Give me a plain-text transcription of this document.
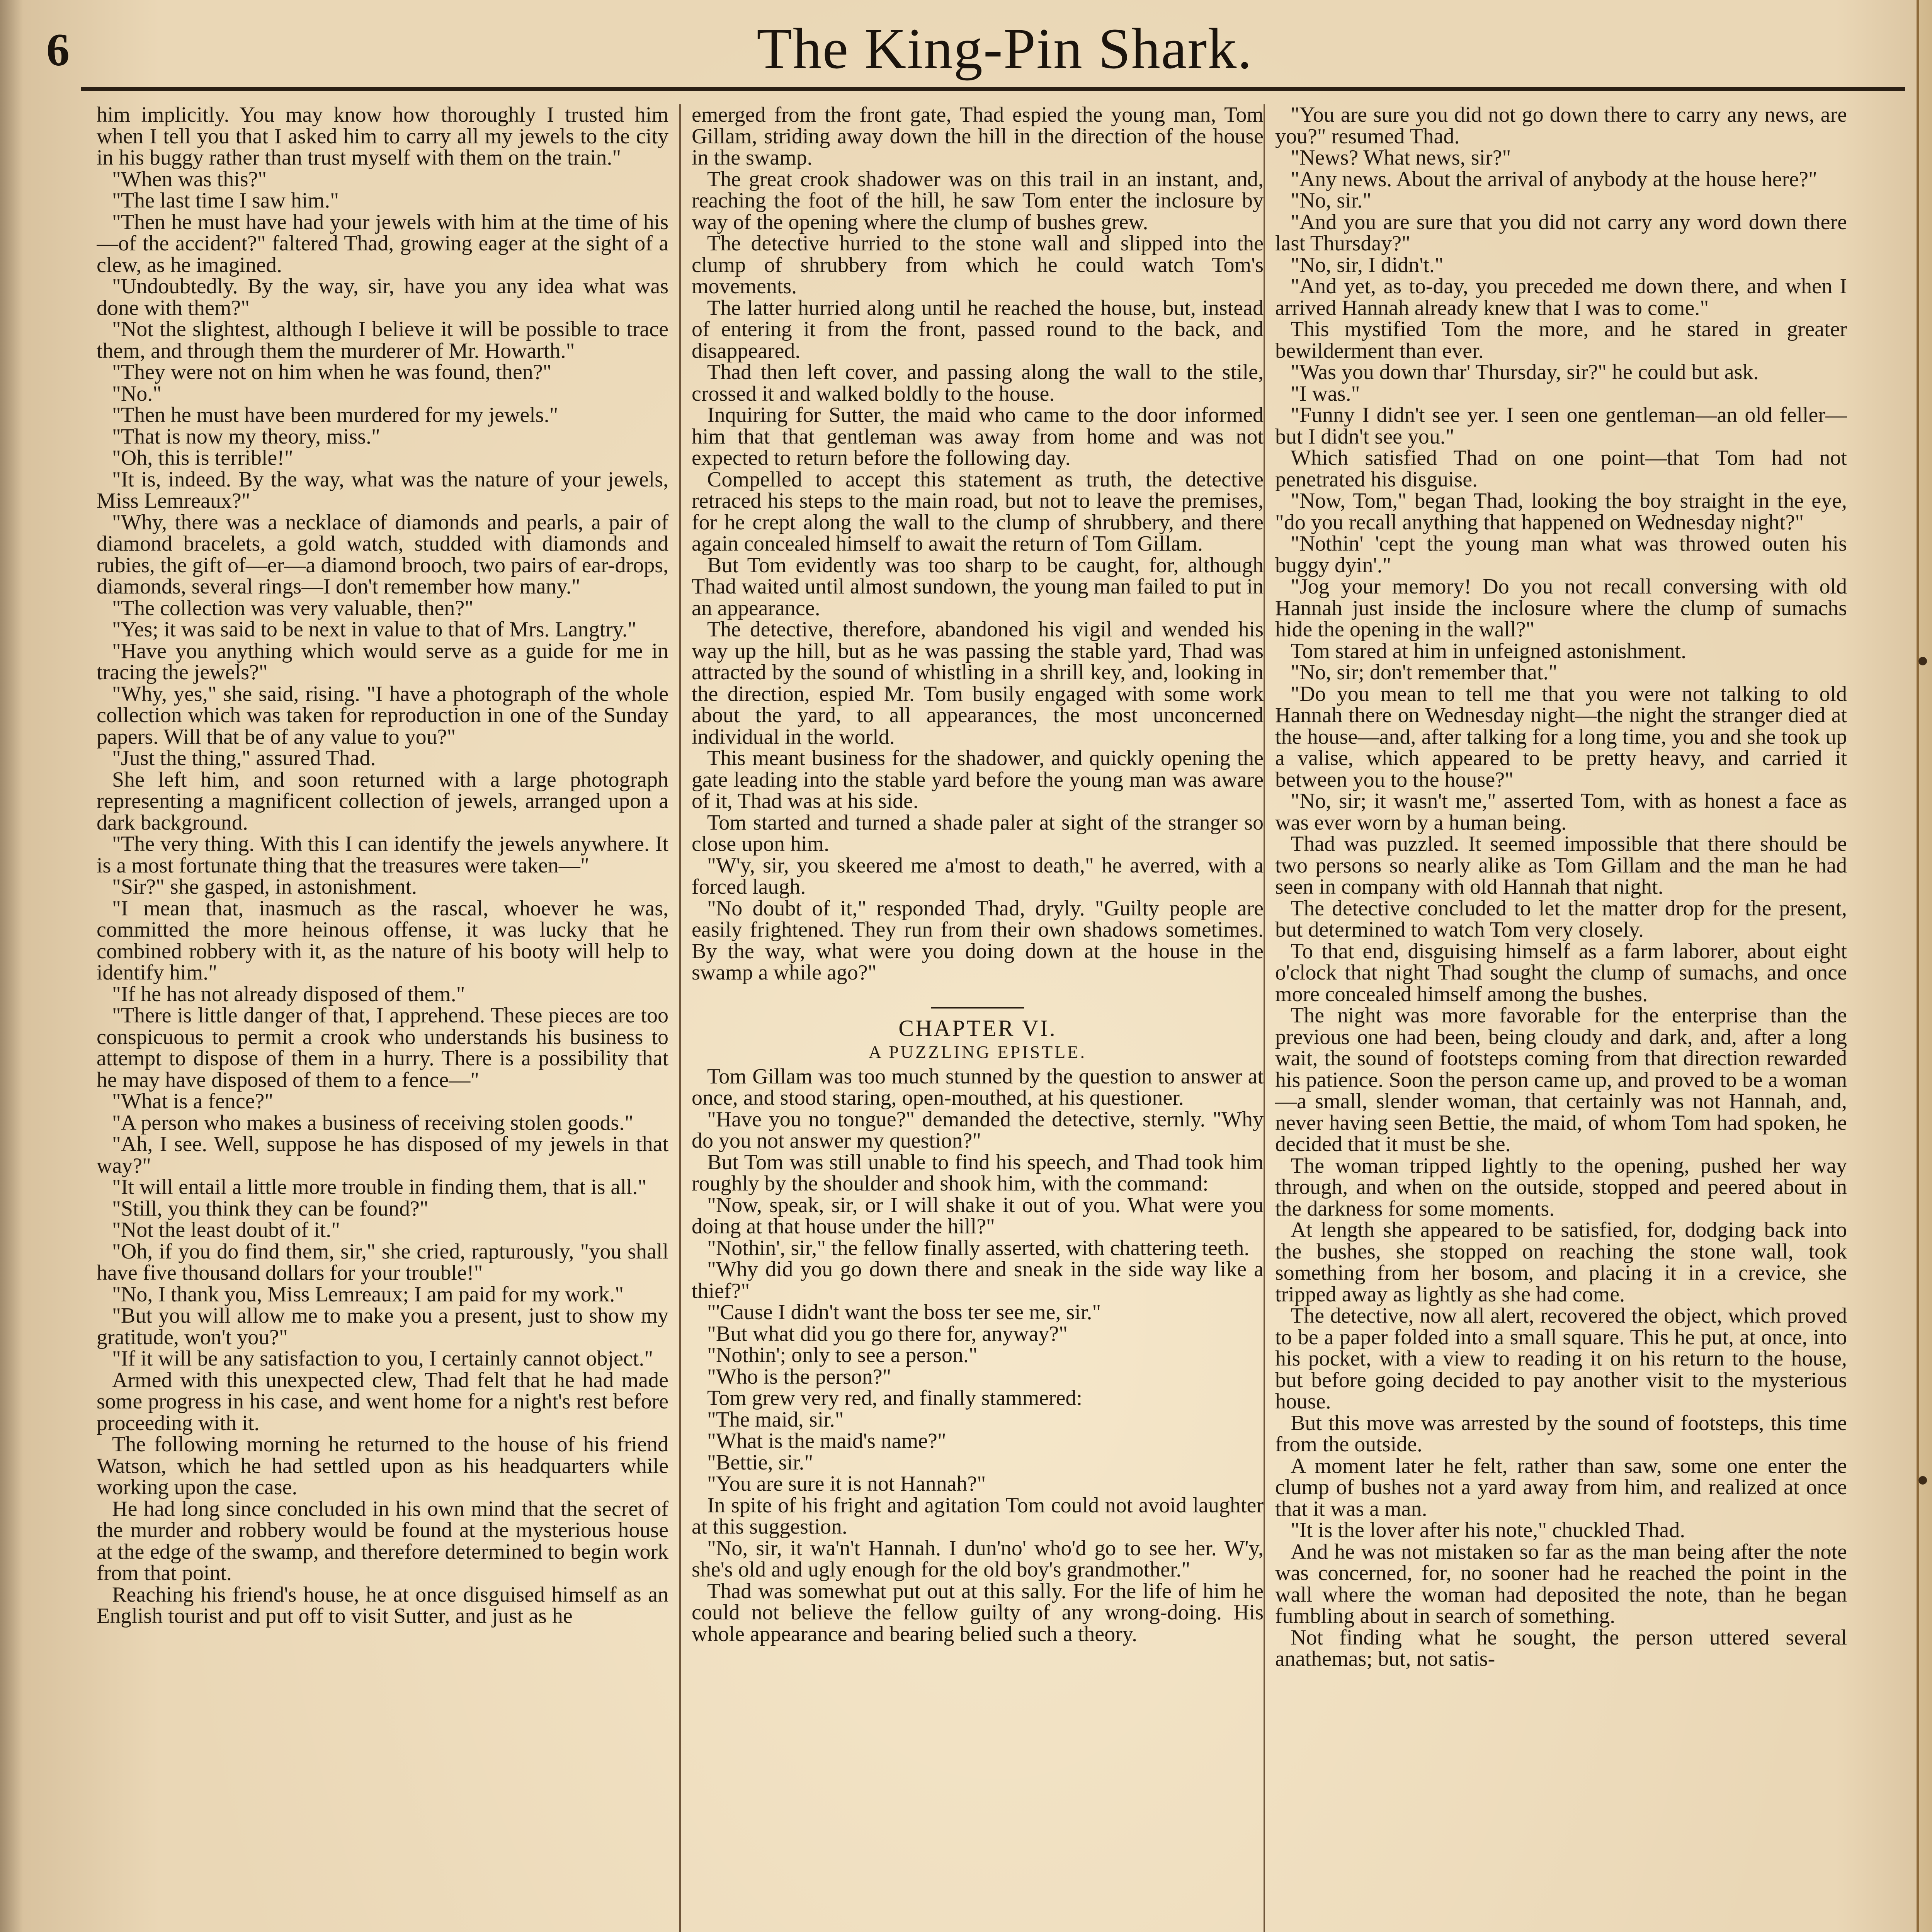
6	The King-Pin Shark.

him implicitly. You may know how thoroughly I trusted him when I tell you that I asked him to carry all my jewels to the city in his buggy rather than trust myself with them on the train."

"When was this?"

"The last time I saw him."

"Then he must have had your jewels with him at the time of his—of the accident?" faltered Thad, growing eager at the sight of a clew, as he imagined.

"Undoubtedly. By the way, sir, have you any idea what was done with them?"

"Not the slightest, although I believe it will be possible to trace them, and through them the murderer of Mr. Howarth."

"They were not on him when he was found, then?"

"No."

"Then he must have been murdered for my jewels."

"That is now my theory, miss."

"Oh, this is terrible!"

"It is, indeed. By the way, what was the nature of your jewels, Miss Lemreaux?"

"Why, there was a necklace of diamonds and pearls, a pair of diamond bracelets, a gold watch, studded with diamonds and rubies, the gift of—er—a diamond brooch, two pairs of ear-drops, diamonds, several rings—I don't remember how many."

"The collection was very valuable, then?"

"Yes; it was said to be next in value to that of Mrs. Langtry."

"Have you anything which would serve as a guide for me in tracing the jewels?"

"Why, yes," she said, rising. "I have a photograph of the whole collection which was taken for reproduction in one of the Sunday papers. Will that be of any value to you?"

"Just the thing," assured Thad.

She left him, and soon returned with a large photograph representing a magnificent collection of jewels, arranged upon a dark background.

"The very thing. With this I can identify the jewels anywhere. It is a most fortunate thing that the treasures were taken—"

"Sir?" she gasped, in astonishment.

"I mean that, inasmuch as the rascal, whoever he was, committed the more heinous offense, it was lucky that he combined robbery with it, as the nature of his booty will help to identify him."

"If he has not already disposed of them."

"There is little danger of that, I apprehend. These pieces are too conspicuous to permit a crook who understands his business to attempt to dispose of them in a hurry. There is a possibility that he may have disposed of them to a fence—"

"What is a fence?"

"A person who makes a business of receiving stolen goods."

"Ah, I see. Well, suppose he has disposed of my jewels in that way?"

"It will entail a little more trouble in finding them, that is all."

"Still, you think they can be found?"

"Not the least doubt of it."

"Oh, if you do find them, sir," she cried, rapturously, "you shall have five thousand dollars for your trouble!"

"No, I thank you, Miss Lemreaux; I am paid for my work."

"But you will allow me to make you a present, just to show my gratitude, won't you?"

"If it will be any satisfaction to you, I certainly cannot object."

Armed with this unexpected clew, Thad felt that he had made some progress in his case, and went home for a night's rest before proceeding with it.

The following morning he returned to the house of his friend Watson, which he had settled upon as his headquarters while working upon the case.

He had long since concluded in his own mind that the secret of the murder and robbery would be found at the mysterious house at the edge of the swamp, and therefore determined to begin work from that point.

Reaching his friend's house, he at once disguised himself as an English tourist and put off to visit Sutter, and just as he

emerged from the front gate, Thad espied the young man, Tom Gillam, striding away down the hill in the direction of the house in the swamp.

The great crook shadower was on this trail in an instant, and, reaching the foot of the hill, he saw Tom enter the inclosure by way of the opening where the clump of bushes grew.

The detective hurried to the stone wall and slipped into the clump of shrubbery from which he could watch Tom's movements.

The latter hurried along until he reached the house, but, instead of entering it from the front, passed round to the back, and disappeared.

Thad then left cover, and passing along the wall to the stile, crossed it and walked boldly to the house.

Inquiring for Sutter, the maid who came to the door informed him that that gentleman was away from home and was not expected to return before the following day.

Compelled to accept this statement as truth, the detective retraced his steps to the main road, but not to leave the premises, for he crept along the wall to the clump of shrubbery, and there again concealed himself to await the return of Tom Gillam.

But Tom evidently was too sharp to be caught, for, although Thad waited until almost sundown, the young man failed to put in an appearance.

The detective, therefore, abandoned his vigil and wended his way up the hill, but as he was passing the stable yard, Thad was attracted by the sound of whistling in a shrill key, and, looking in the direction, espied Mr. Tom busily engaged with some work about the yard, to all appearances, the most unconcerned individual in the world.

This meant business for the shadower, and quickly opening the gate leading into the stable yard before the young man was aware of it, Thad was at his side.

Tom started and turned a shade paler at sight of the stranger so close upon him.

"W'y, sir, you skeered me a'most to death," he averred, with a forced laugh.

"No doubt of it," responded Thad, dryly. "Guilty people are easily frightened. They run from their own shadows sometimes. By the way, what were you doing down at the house in the swamp a while ago?"

CHAPTER VI.
A PUZZLING EPISTLE.

Tom Gillam was too much stunned by the question to answer at once, and stood staring, open-mouthed, at his questioner.

"Have you no tongue?" demanded the detective, sternly. "Why do you not answer my question?"

But Tom was still unable to find his speech, and Thad took him roughly by the shoulder and shook him, with the command:

"Now, speak, sir, or I will shake it out of you. What were you doing at that house under the hill?"

"Nothin', sir," the fellow finally asserted, with chattering teeth.

"Why did you go down there and sneak in the side way like a thief?"

"'Cause I didn't want the boss ter see me, sir."

"But what did you go there for, anyway?"

"Nothin'; only to see a person."

"Who is the person?"

Tom grew very red, and finally stammered:

"The maid, sir."

"What is the maid's name?"

"Bettie, sir."

"You are sure it is not Hannah?"

In spite of his fright and agitation Tom could not avoid laughter at this suggestion.

"No, sir, it wa'n't Hannah. I dun'no' who'd go to see her. W'y, she's old and ugly enough for the old boy's grandmother."

Thad was somewhat put out at this sally. For the life of him he could not believe the fellow guilty of any wrong-doing. His whole appearance and bearing belied such a theory.

"You are sure you did not go down there to carry any news, are you?" resumed Thad.

"News? What news, sir?"

"Any news. About the arrival of anybody at the house here?"

"No, sir."

"And you are sure that you did not carry any word down there last Thursday?"

"No, sir, I didn't."

"And yet, as to-day, you preceded me down there, and when I arrived Hannah already knew that I was to come."

This mystified Tom the more, and he stared in greater bewilderment than ever.

"Was you down thar' Thursday, sir?" he could but ask.

"I was."

"Funny I didn't see yer. I seen one gentleman—an old feller—but I didn't see you."

Which satisfied Thad on one point—that Tom had not penetrated his disguise.

"Now, Tom," began Thad, looking the boy straight in the eye, "do you recall anything that happened on Wednesday night?"

"Nothin' 'cept the young man what was throwed outen his buggy dyin'."

"Jog your memory! Do you not recall conversing with old Hannah just inside the inclosure where the clump of sumachs hide the opening in the wall?"

Tom stared at him in unfeigned astonishment.

"No, sir; don't remember that."

"Do you mean to tell me that you were not talking to old Hannah there on Wednesday night—the night the stranger died at the house—and, after talking for a long time, you and she took up a valise, which appeared to be pretty heavy, and carried it between you to the house?"

"No, sir; it wasn't me," asserted Tom, with as honest a face as was ever worn by a human being.

Thad was puzzled. It seemed impossible that there should be two persons so nearly alike as Tom Gillam and the man he had seen in company with old Hannah that night.

The detective concluded to let the matter drop for the present, but determined to watch Tom very closely.

To that end, disguising himself as a farm laborer, about eight o'clock that night Thad sought the clump of sumachs, and once more concealed himself among the bushes.

The night was more favorable for the enterprise than the previous one had been, being cloudy and dark, and, after a long wait, the sound of footsteps coming from that direction rewarded his patience. Soon the person came up, and proved to be a woman—a small, slender woman, that certainly was not Hannah, and, never having seen Bettie, the maid, of whom Tom had spoken, he decided that it must be she.

The woman tripped lightly to the opening, pushed her way through, and when on the outside, stopped and peered about in the darkness for some moments.

At length she appeared to be satisfied, for, dodging back into the bushes, she stopped on reaching the stone wall, took something from her bosom, and placing it in a crevice, she tripped away as lightly as she had come.

The detective, now all alert, recovered the object, which proved to be a paper folded into a small square. This he put, at once, into his pocket, with a view to reading it on his return to the house, but before going decided to pay another visit to the mysterious house.

But this move was arrested by the sound of footsteps, this time from the outside.

A moment later he felt, rather than saw, some one enter the clump of bushes not a yard away from him, and realized at once that it was a man.

"It is the lover after his note," chuckled Thad.

And he was not mistaken so far as the man being after the note was concerned, for, no sooner had he reached the point in the wall where the woman had deposited the note, than he began fumbling about in search of something.

Not finding what he sought, the person uttered several anathemas; but, not satis-
